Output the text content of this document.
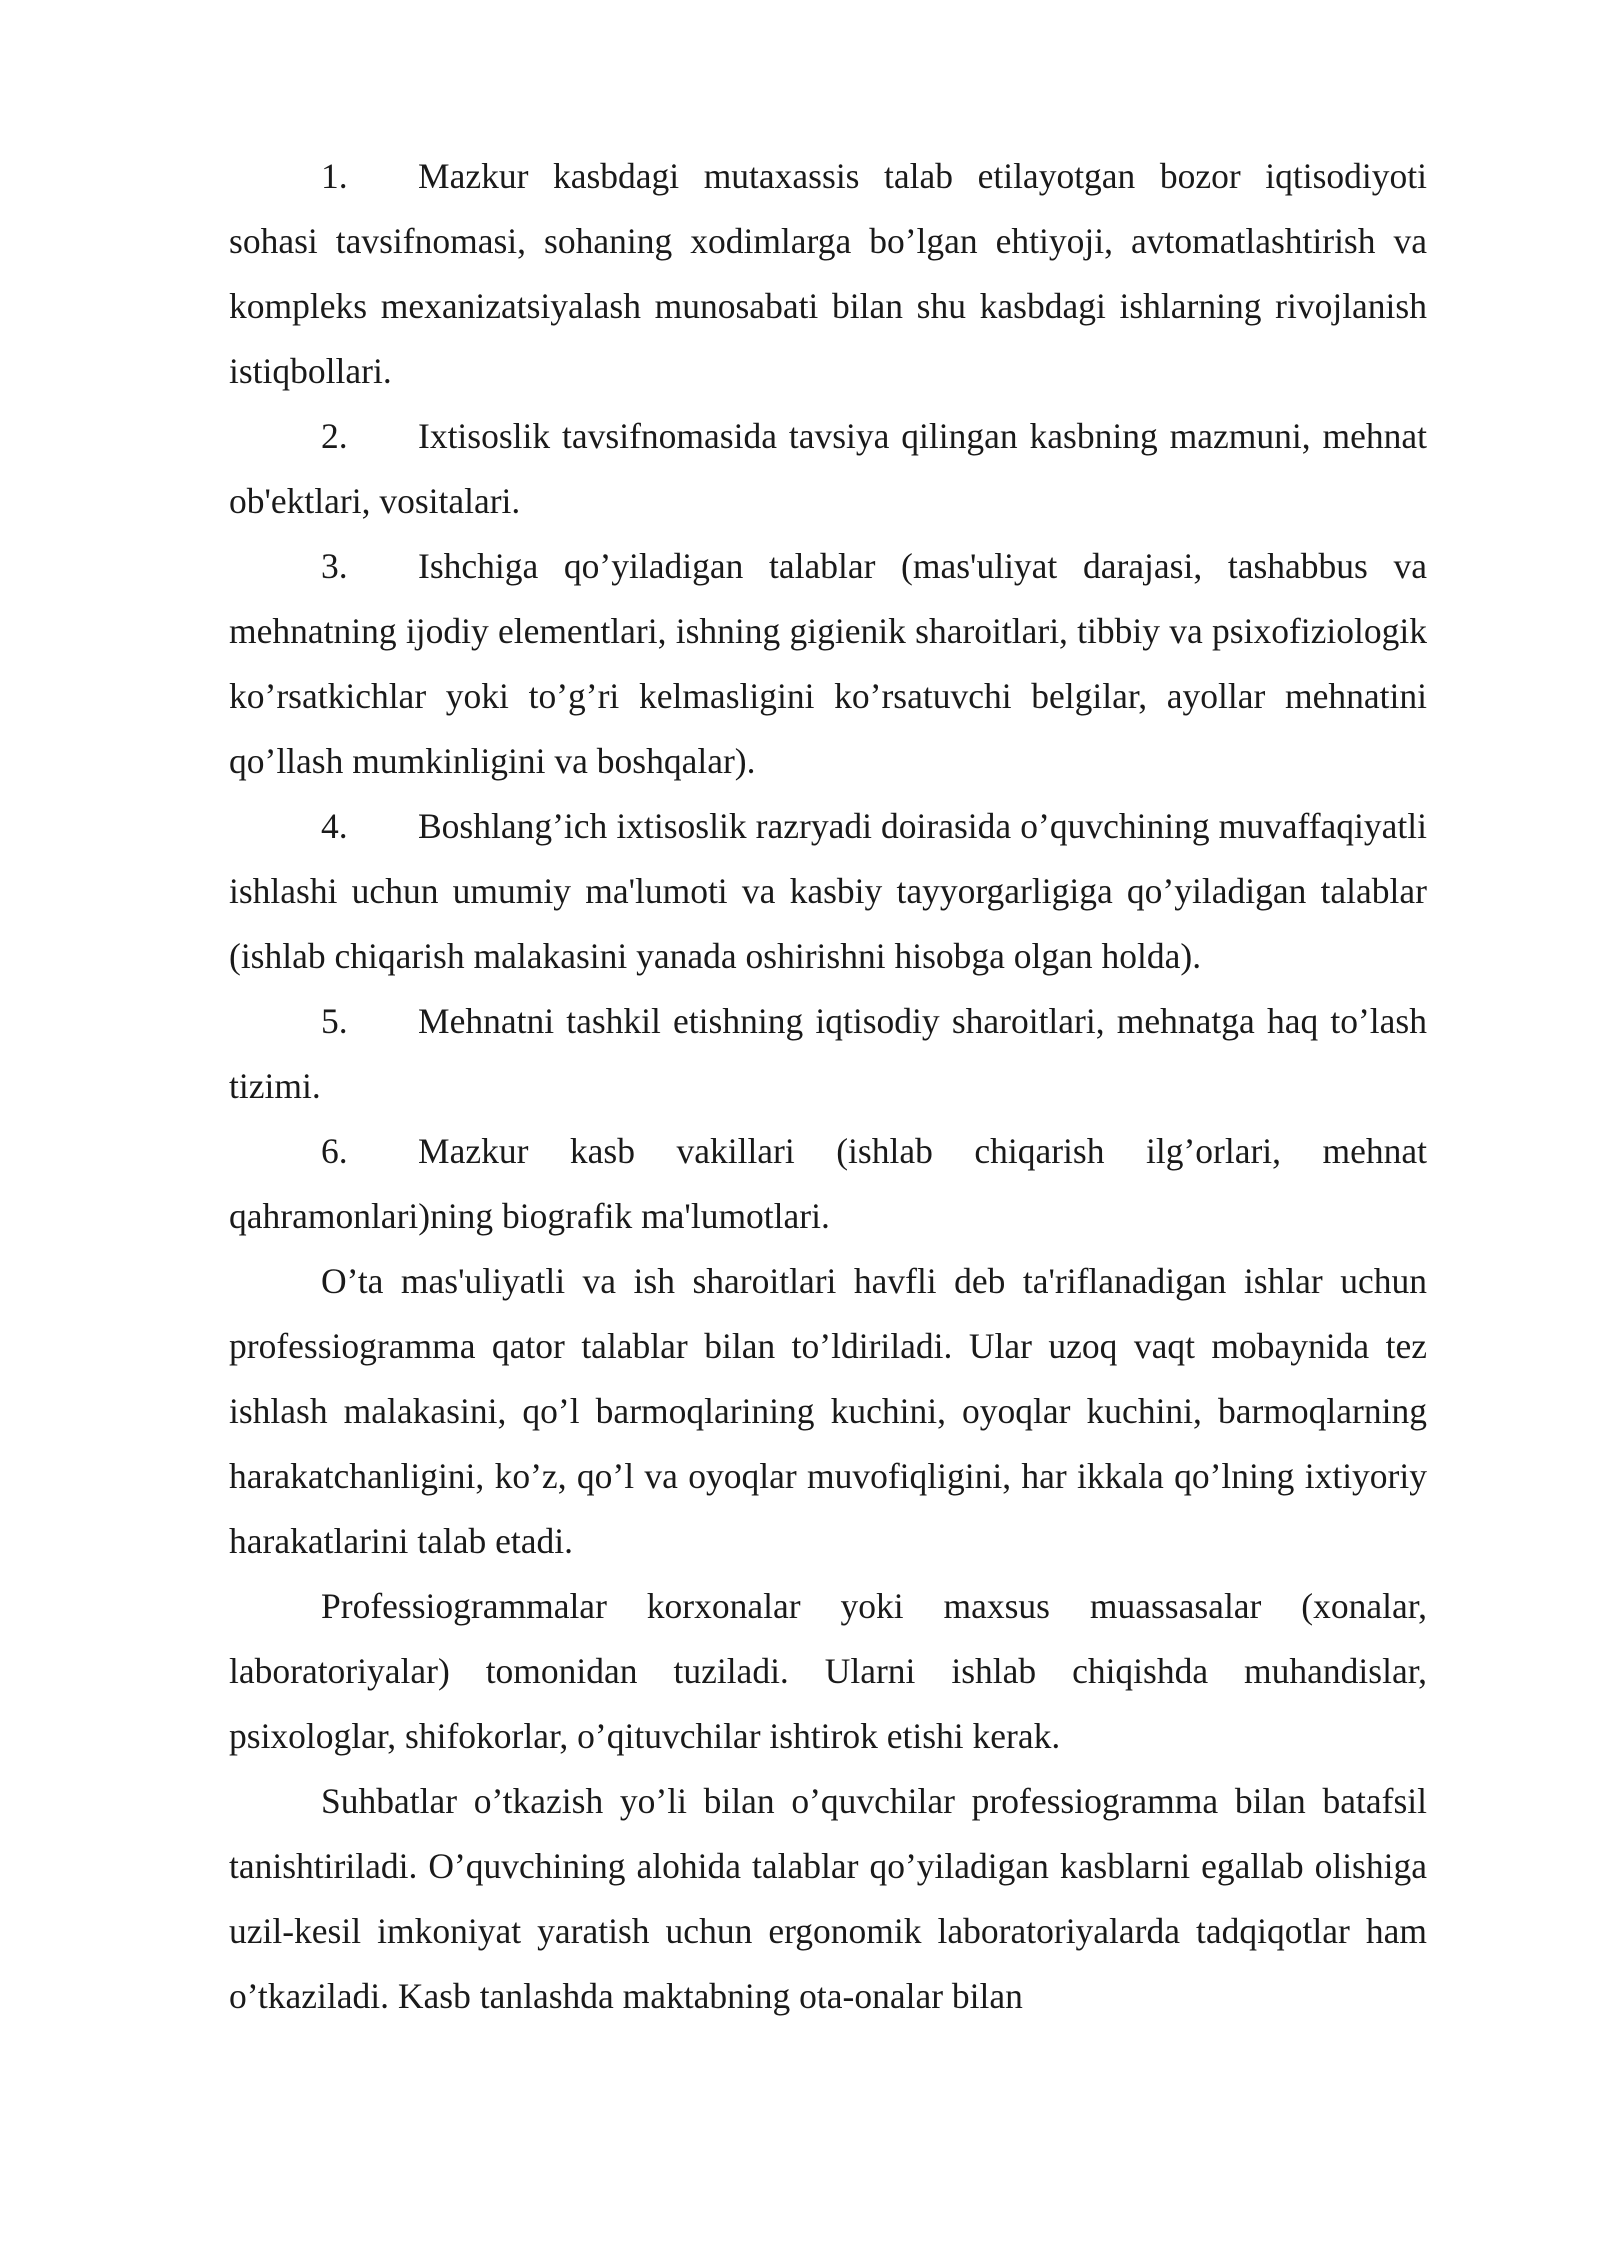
1. Mazkur kasbdagi mutaxassis talab etilayotgan bozor iqtisodiyoti sohasi tavsifnomasi, sohaning xodimlarga bo’lgan ehtiyoji, avtomatlashtirish va kompleks mexanizatsiyalash munosabati bilan shu kasbdagi ishlarning rivojlanish istiqbollari.

2. Ixtisoslik tavsifnomasida tavsiya qilingan kasbning mazmuni, mehnat ob'ektlari, vositalari.

3. Ishchiga qo’yiladigan talablar (mas'uliyat darajasi, tashabbus va mehnatning ijodiy elementlari, ishning gigienik sharoitlari, tibbiy va psixofiziologik ko’rsatkichlar yoki to’g’ri kelmasligini ko’rsatuvchi belgilar, ayollar mehnatini qo’llash mumkinligini va boshqalar).

4. Boshlang’ich ixtisoslik razryadi doirasida o’quvchining muvaffaqiyatli ishlashi uchun umumiy ma'lumoti va kasbiy tayyorgarligiga qo’yiladigan talablar (ishlab chiqarish malakasini yanada oshirishni hisobga olgan holda).

5. Mehnatni tashkil etishning iqtisodiy sharoitlari, mehnatga haq to’lash tizimi.

6. Mazkur kasb vakillari (ishlab chiqarish ilg’orlari, mehnat qahramonlari)ning biografik ma'lumotlari.

O’ta mas'uliyatli va ish sharoitlari havfli deb ta'riflanadigan ishlar uchun professiogramma qator talablar bilan to’ldiriladi. Ular uzoq vaqt mobaynida tez ishlash malakasini, qo’l barmoqlarining kuchini, oyoqlar kuchini, barmoqlarning harakatchanligini, ko’z, qo’l va oyoqlar muvofiqligini, har ikkala qo’lning ixtiyoriy harakatlarini talab etadi.

Professiogrammalar korxonalar yoki maxsus muassasalar (xonalar, laboratoriyalar) tomonidan tuziladi. Ularni ishlab chiqishda muhandislar, psixologlar, shifokorlar, o’qituvchilar ishtirok etishi kerak.

Suhbatlar o’tkazish yo’li bilan o’quvchilar professiogramma bilan batafsil tanishtiriladi. O’quvchining alohida talablar qo’yiladigan kasblarni egallab olishiga uzil-kesil imkoniyat yaratish uchun ergonomik laboratoriyalarda tadqiqotlar ham o’tkaziladi. Kasb tanlashda maktabning ota-onalar bilan
